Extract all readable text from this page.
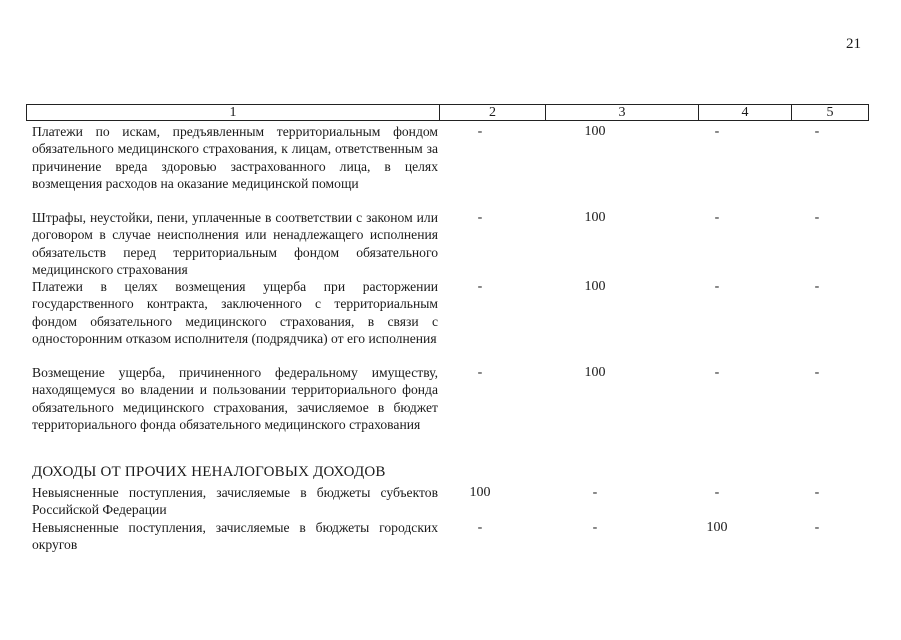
21
1	2	3	4	5
Платежи по искам, предъявленным территориальным фондом обязательного медицинского страхования, к лицам, ответственным за причинение вреда здоровью застрахованного лица, в целях возмещения расходов на оказание медицинской помощи
-	100	-	-
Штрафы, неустойки, пени, уплаченные в соответствии с законом или договором в случае неисполнения или ненадлежащего исполнения обязательств перед территориальным фондом обязательного медицинского страхования
-	100	-	-
Платежи в целях возмещения ущерба при расторжении государственного контракта, заключенного с территориальным фондом обязательного медицинского страхования, в связи с односторонним отказом исполнителя (подрядчика) от его исполнения
-	100	-	-
Возмещение ущерба, причиненного федеральному имуществу, находящемуся во владении и пользовании территориального фонда обязательного медицинского страхования, зачисляемое в бюджет территориального фонда обязательного медицинского страхования
-	100	-	-
ДОХОДЫ ОТ ПРОЧИХ НЕНАЛОГОВЫХ ДОХОДОВ
Невыясненные поступления, зачисляемые в бюджеты субъектов Российской Федерации
100	-	-	-
Невыясненные поступления, зачисляемые в бюджеты городских округов
-	-	100	-
